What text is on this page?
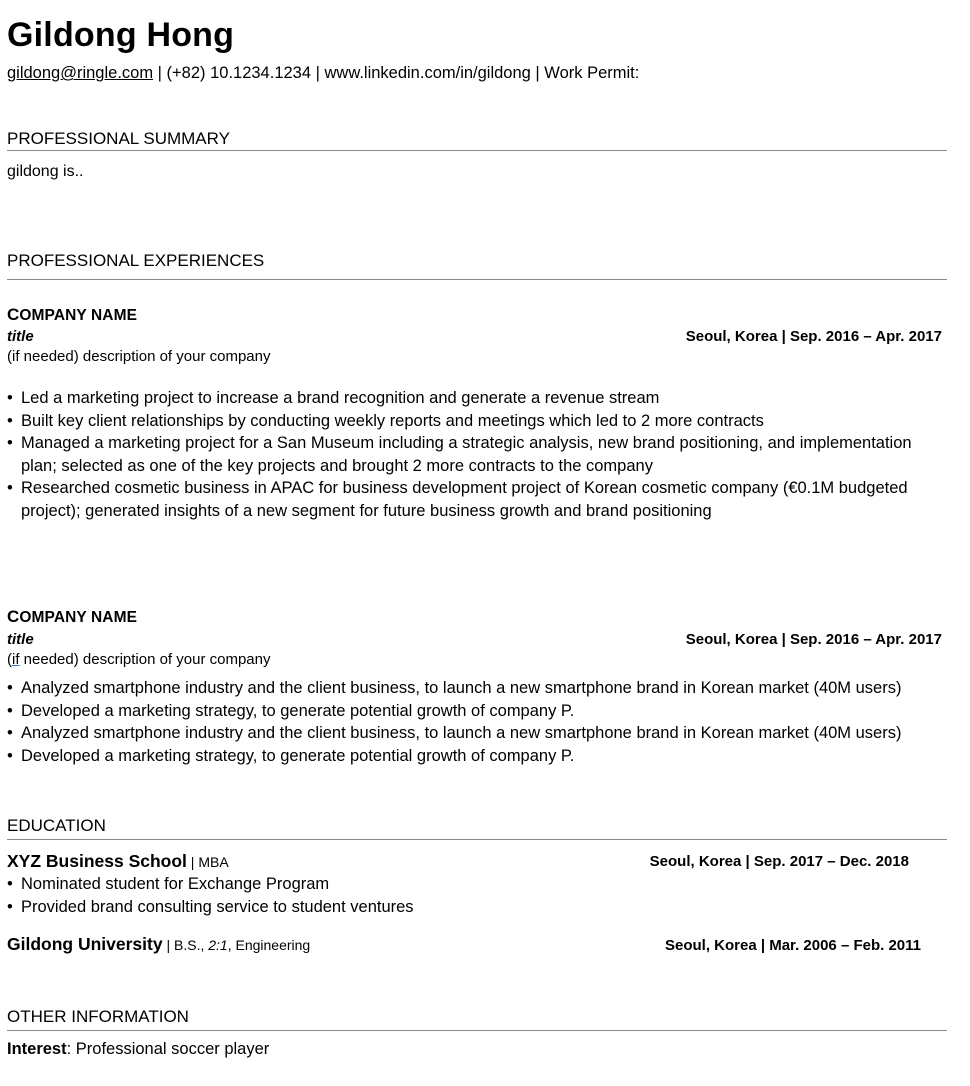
Gildong Hong
gildong@ringle.com | (+82) 10.1234.1234 | www.linkedin.com/in/gildong | Work Permit:
PROFESSIONAL SUMMARY
gildong is..
PROFESSIONAL EXPERIENCES
COMPANY NAME
title	Seoul, Korea | Sep. 2016 – Apr. 2017
(if needed) description of your company
• Led a marketing project to increase a brand recognition and generate a revenue stream
• Built key client relationships by conducting weekly reports and meetings which led to 2 more contracts
• Managed a marketing project for a San Museum including a strategic analysis, new brand positioning, and implementation plan; selected as one of the key projects and brought 2 more contracts to the company
• Researched cosmetic business in APAC for business development project of Korean cosmetic company (€0.1M budgeted project); generated insights of a new segment for future business growth and brand positioning
COMPANY NAME
title	Seoul, Korea | Sep. 2016 – Apr. 2017
(if needed) description of your company
• Analyzed smartphone industry and the client business, to launch a new smartphone brand in Korean market (40M users)
• Developed a marketing strategy, to generate potential growth of company P.
• Analyzed smartphone industry and the client business, to launch a new smartphone brand in Korean market (40M users)
• Developed a marketing strategy, to generate potential growth of company P.
EDUCATION
XYZ Business School | MBA	Seoul, Korea | Sep. 2017 – Dec. 2018
• Nominated student for Exchange Program
• Provided brand consulting service to student ventures
Gildong University | B.S., 2:1, Engineering	Seoul, Korea | Mar. 2006 – Feb. 2011
OTHER INFORMATION
Interest: Professional soccer player
